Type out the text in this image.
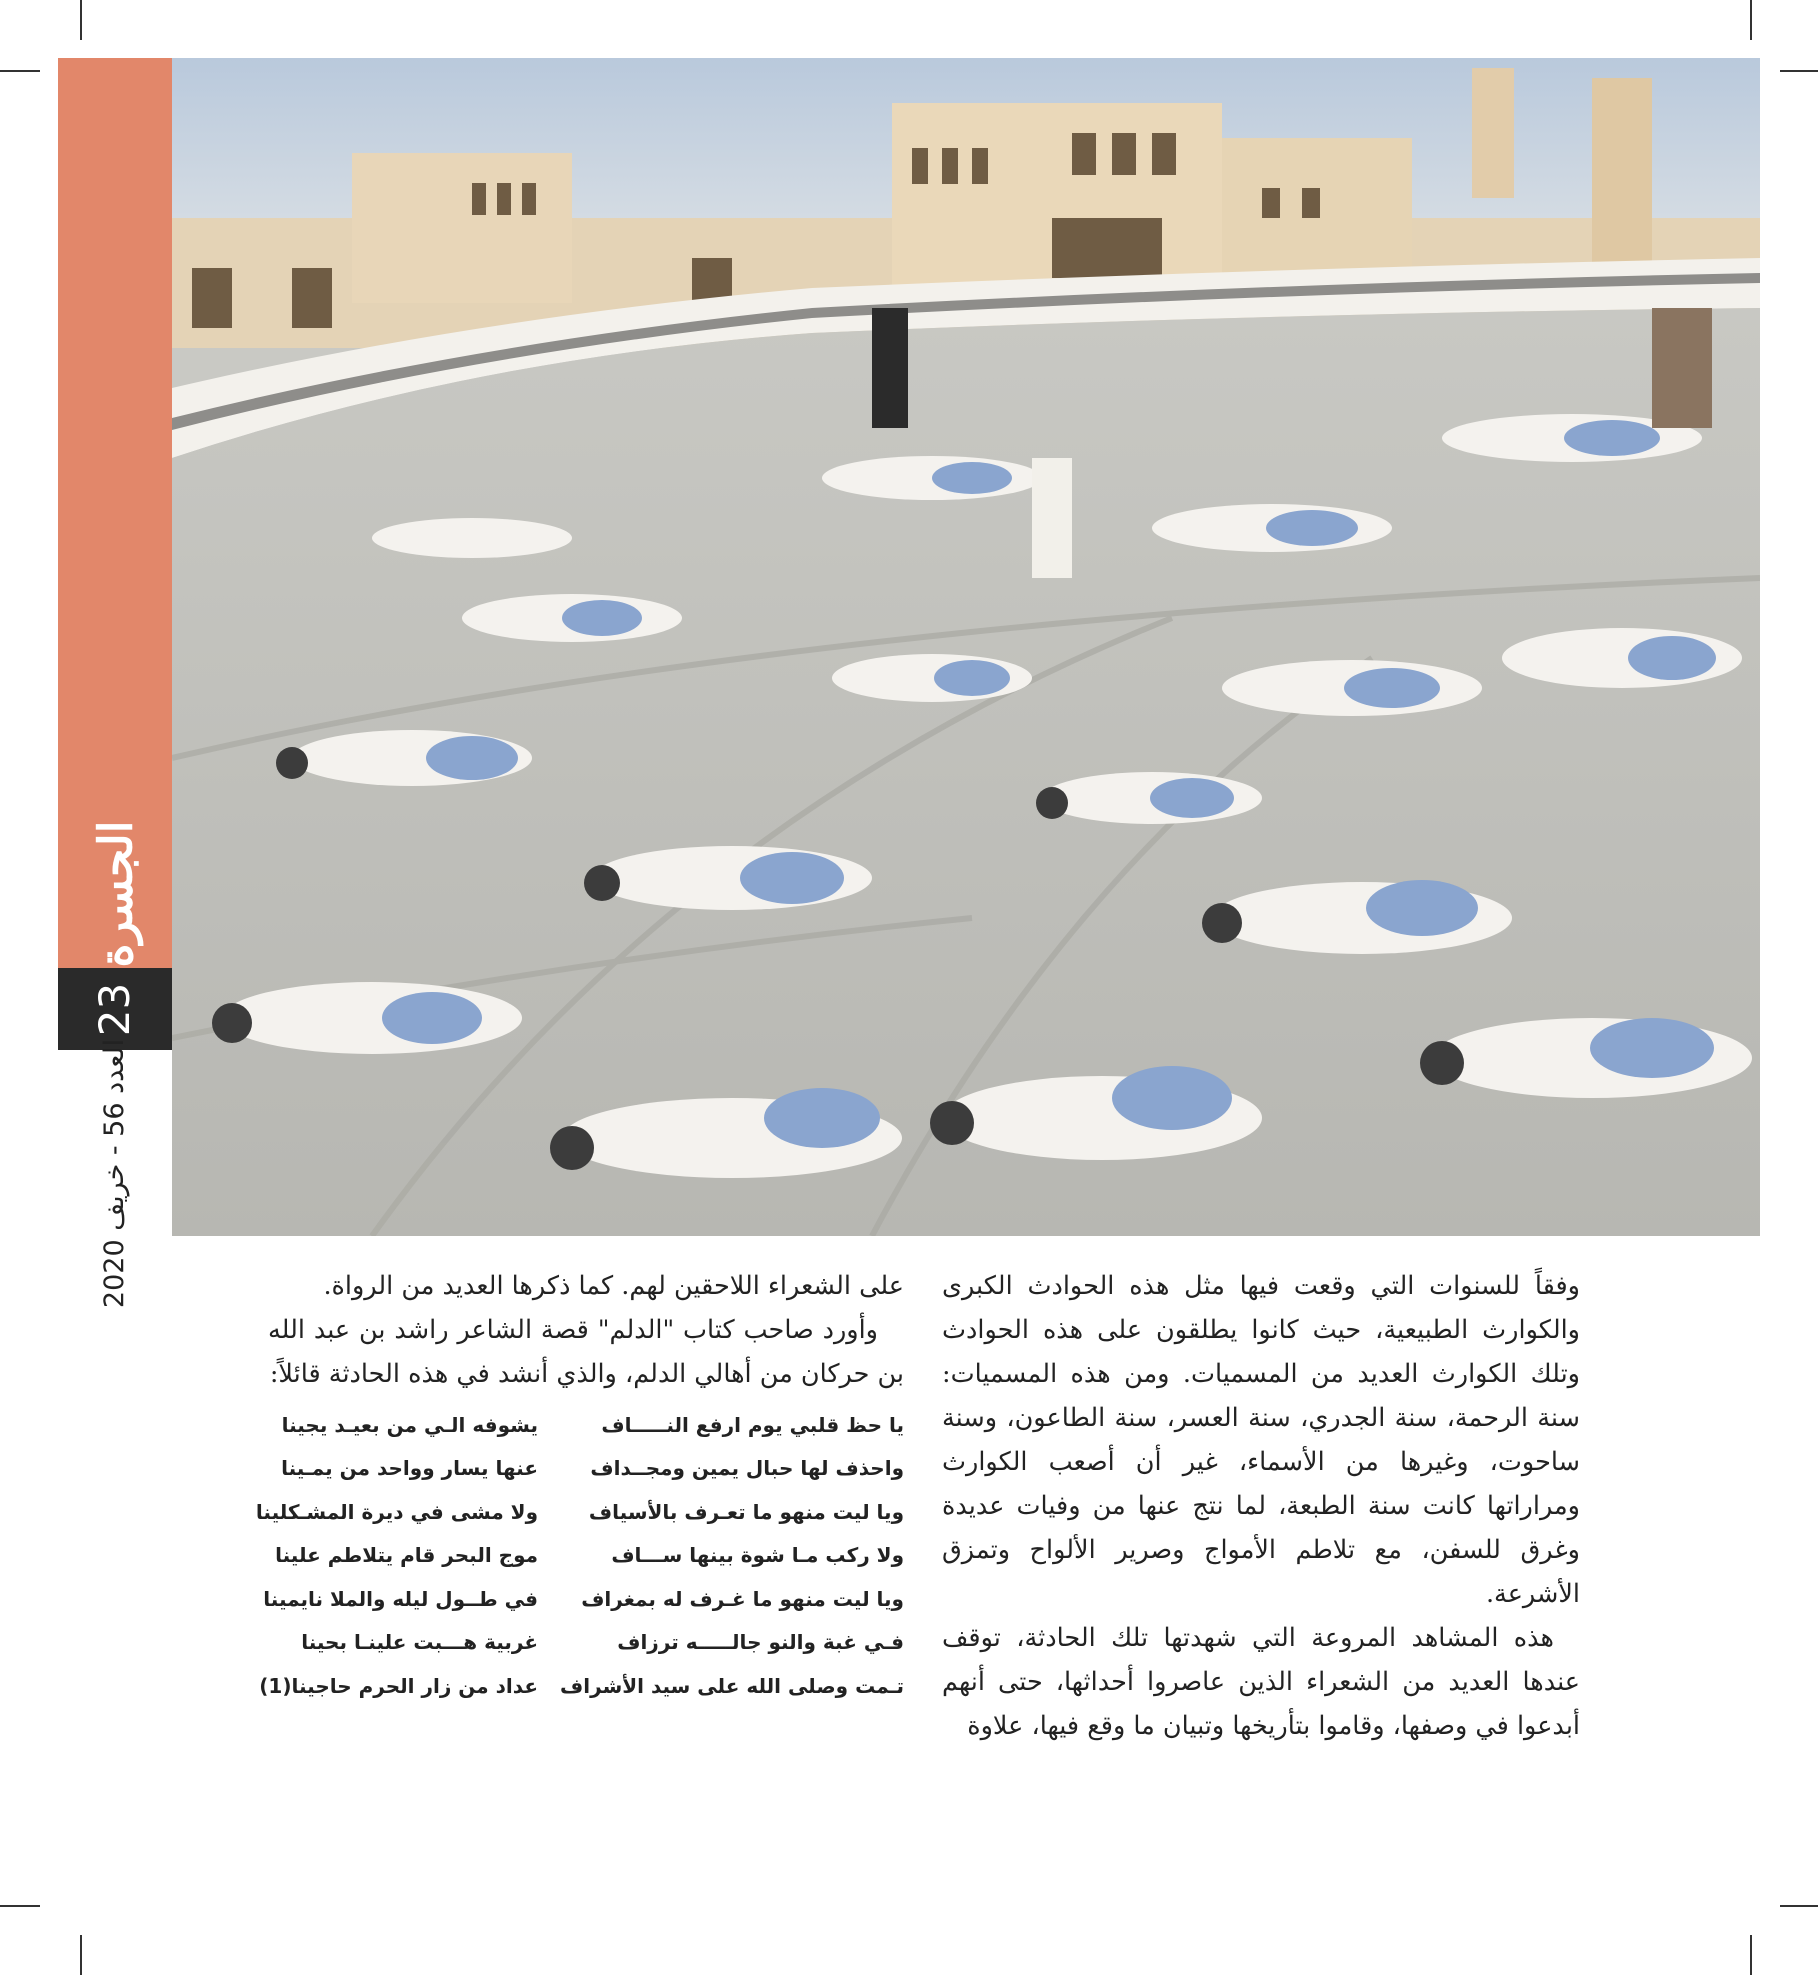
الجسرة
23
العدد 56 - خريف 2020

وفقاً للسنوات التي وقعت فيها مثل هذه الحوادث الكبرى والكوارث الطبيعية، حيث كانوا يطلقون على هذه الحوادث وتلك الكوارث العديد من المسميات. ومن هذه المسميات: سنة الرحمة، سنة الجدري، سنة العسر، سنة الطاعون، وسنة ساحوت، وغيرها من الأسماء، غير أن أصعب الكوارث ومراراتها كانت سنة الطبعة، لما نتج عنها من وفيات عديدة وغرق للسفن، مع تلاطم الأمواج وصرير الألواح وتمزق الأشرعة.

هذه المشاهد المروعة التي شهدتها تلك الحادثة، توقف عندها العديد من الشعراء الذين عاصروا أحداثها، حتى أنهم أبدعوا في وصفها، وقاموا بتأريخها وتبيان ما وقع فيها، علاوة

على الشعراء اللاحقين لهم. كما ذكرها العديد من الرواة.

وأورد صاحب كتاب "الدلم" قصة الشاعر راشد بن عبد الله بن حركان من أهالي الدلم، والذي أنشد في هذه الحادثة قائلاً:

يا حظ قلبي يوم ارفع النـــــاف
يشوفه الـي من بعيـد يجينا
واحذف لها حبال يمين ومجــداف
عنها يسار وواحد من يمـينا
ويا ليت منهو ما تعـرف بالأسياف
ولا مشى في ديرة المشـكلينا
ولا ركب مـا شوة بينها ســـاف
موج البحر قام يتلاطم علينا
ويا ليت منهو ما غـرف له بمغراف
في طــول ليله والملا نايمينا
فـي غبة والنو جالـــــه ترزاف
غربية هـــبت علينـا بحينا
تـمت وصلى الله على سيد الأشراف
عداد من زار الحرم حاجينا(1)
